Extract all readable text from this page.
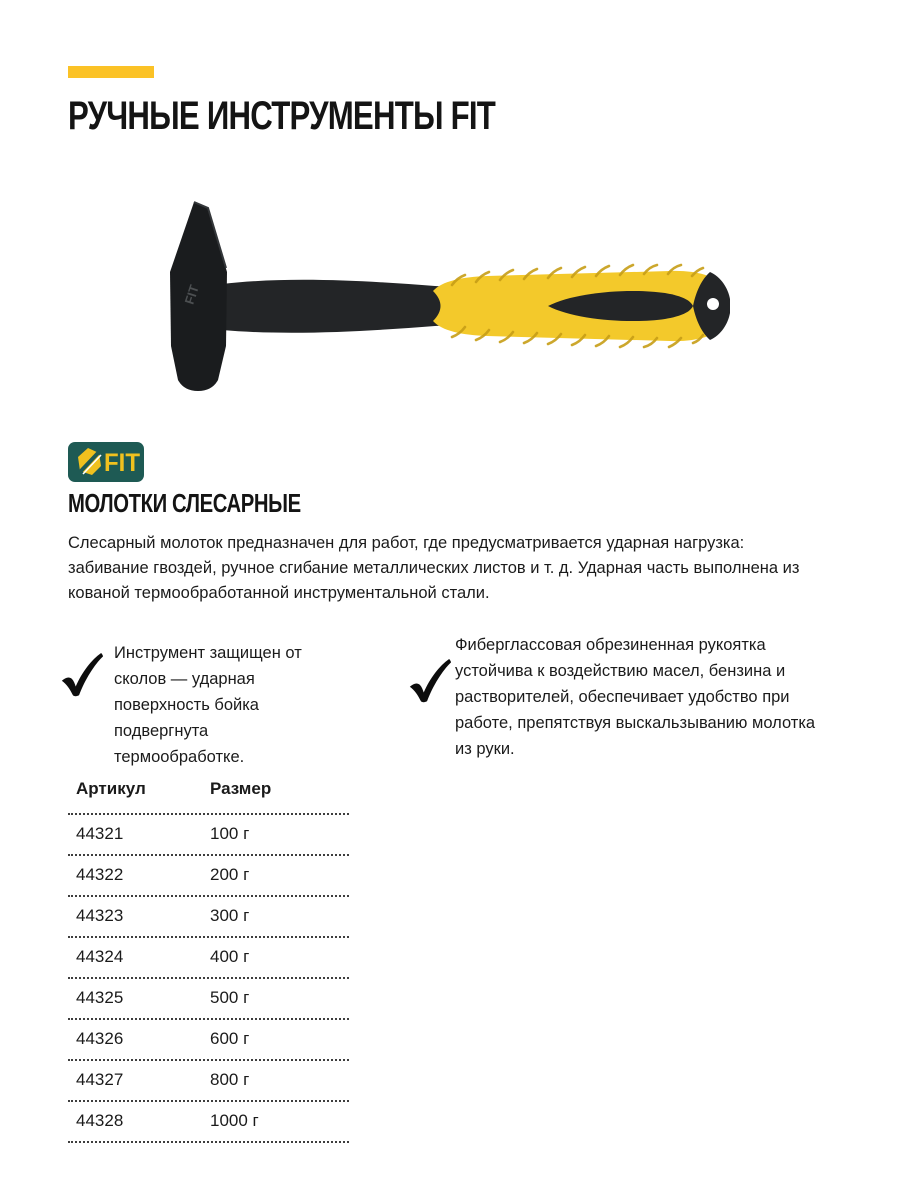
РУЧНЫЕ ИНСТРУМЕНТЫ FIT
FIT
FIT
МОЛОТКИ СЛЕСАРНЫЕ

Слесарный молоток предназначен для работ, где предусматривается ударная нагрузка: забивание гвоздей, ручное сгибание металлических листов и т. д. Ударная часть выполнена из кованой термообработанной инструментальной стали.

Инструмент защищен от сколов — ударная поверхность бойка подвергнута термообработке.

Фиберглассовая обрезиненная рукоятка устойчива к воздействию масел, бензина и растворителей, обеспечивает удобство при работе, препятствуя выскальзыванию молотка из руки.

Артикул	Размер
44321	100 г
44322	200 г
44323	300 г
44324	400 г
44325	500 г
44326	600 г
44327	800 г
44328	1000 г
